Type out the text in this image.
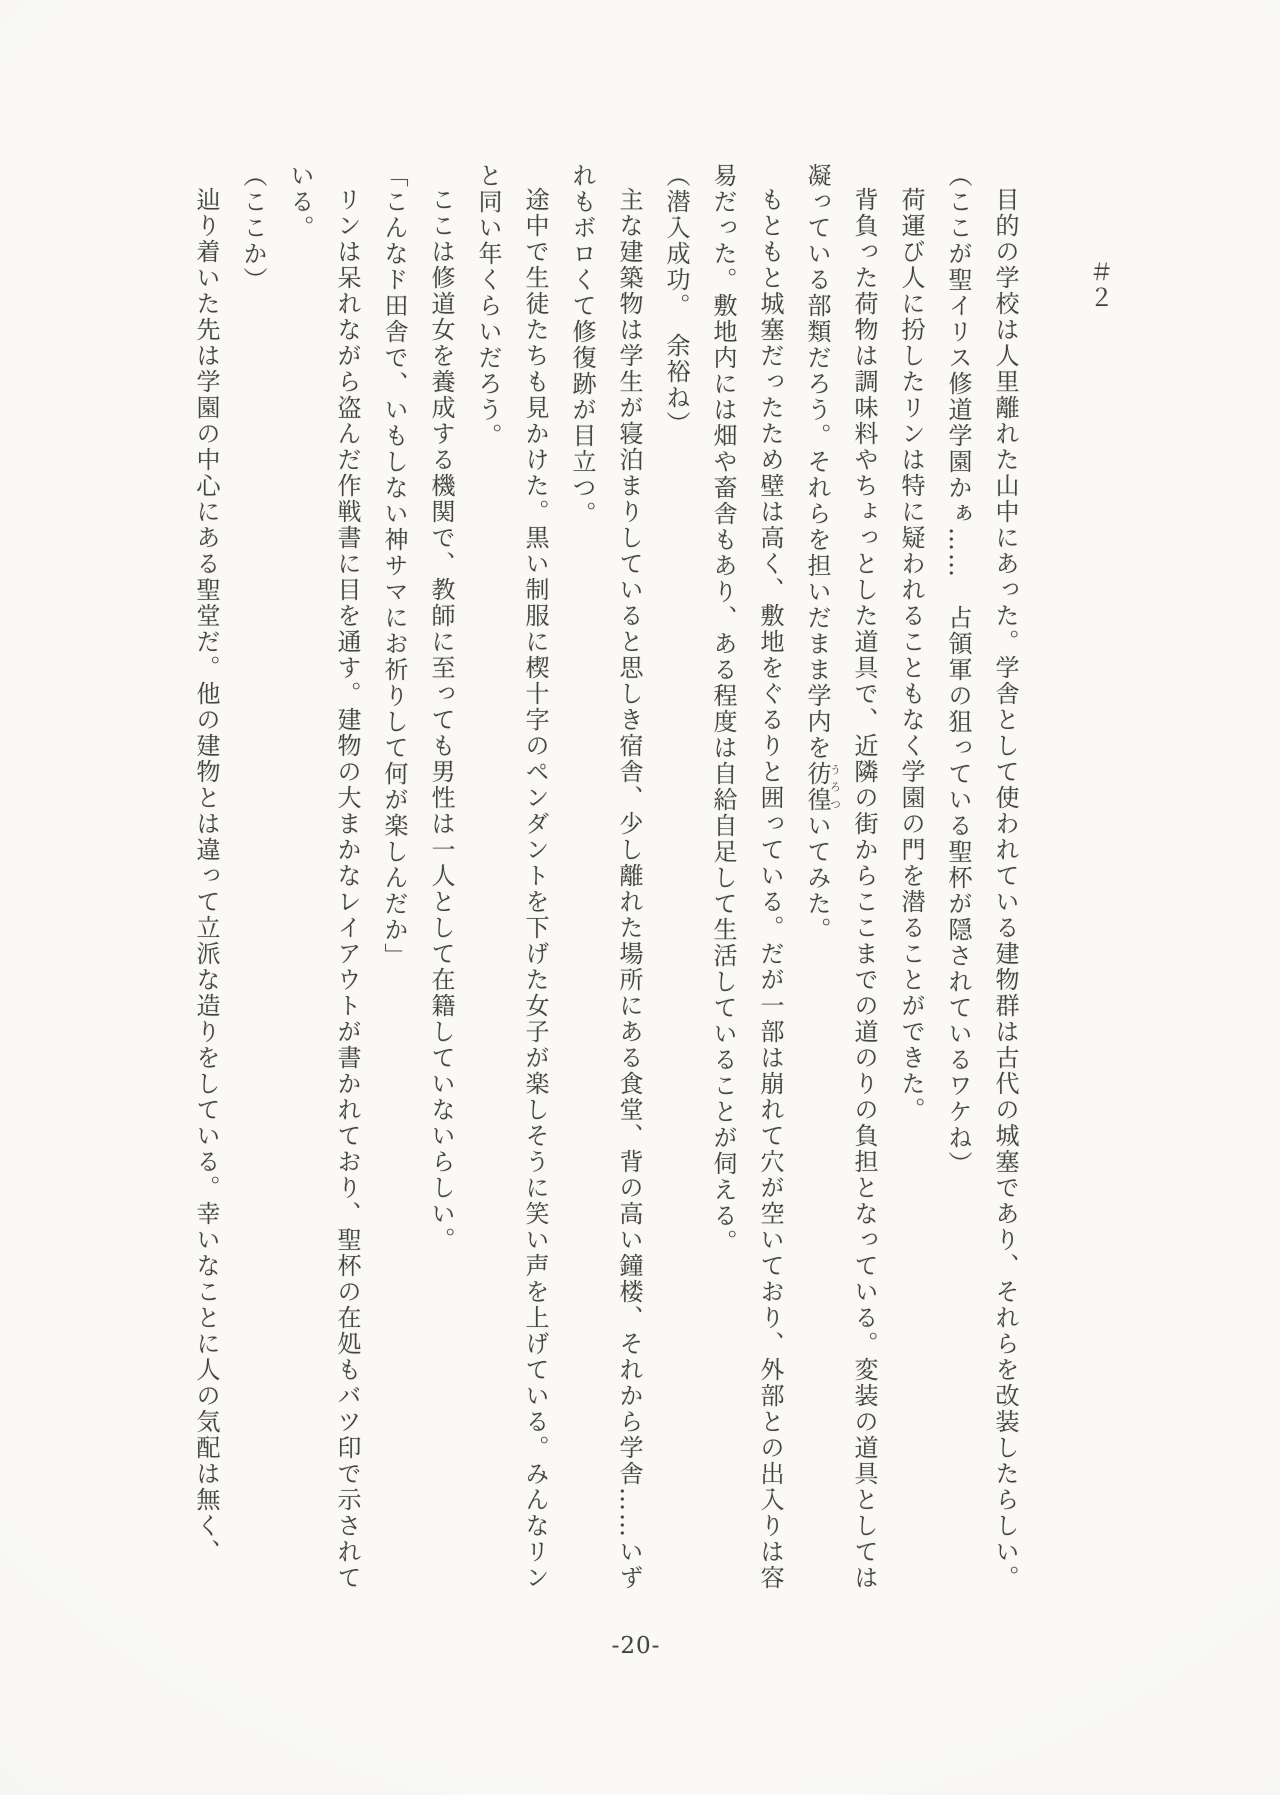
＃２

目的の学校は人里離れた山中にあった。学舎として使われている建物群は古代の城塞であり、それらを改装したらしい。

（ここが聖イリス修道学園かぁ……　占領軍の狙っている聖杯が隠されているワケね）

荷運び人に扮したリンは特に疑われることもなく学園の門を潜ることができた。

背負った荷物は調味料やちょっとした道具で、近隣の街からここまでの道のりの負担となっている。変装の道具としては凝っている部類だろう。それらを担いだまま学内を彷徨うろついてみた。

もともと城塞だったため壁は高く、敷地をぐるりと囲っている。だが一部は崩れて穴が空いており、外部との出入りは容易だった。敷地内には畑や畜舎もあり、ある程度は自給自足して生活していることが伺える。

（潜入成功。　余裕ね）

主な建築物は学生が寝泊まりしていると思しき宿舎、少し離れた場所にある食堂、背の高い鐘楼、それから学舎……いずれもボロくて修復跡が目立つ。

途中で生徒たちも見かけた。黒い制服に楔十字のペンダントを下げた女子が楽しそうに笑い声を上げている。みんなリンと同い年くらいだろう。

ここは修道女を養成する機関で、教師に至っても男性は一人として在籍していないらしい。

「こんなド田舎で、いもしない神サマにお祈りして何が楽しんだか」

リンは呆れながら盗んだ作戦書に目を通す。建物の大まかなレイアウトが書かれており、聖杯の在処もバツ印で示されている。

（ここか）

辿り着いた先は学園の中心にある聖堂だ。他の建物とは違って立派な造りをしている。幸いなことに人の気配は無く、

-20-
